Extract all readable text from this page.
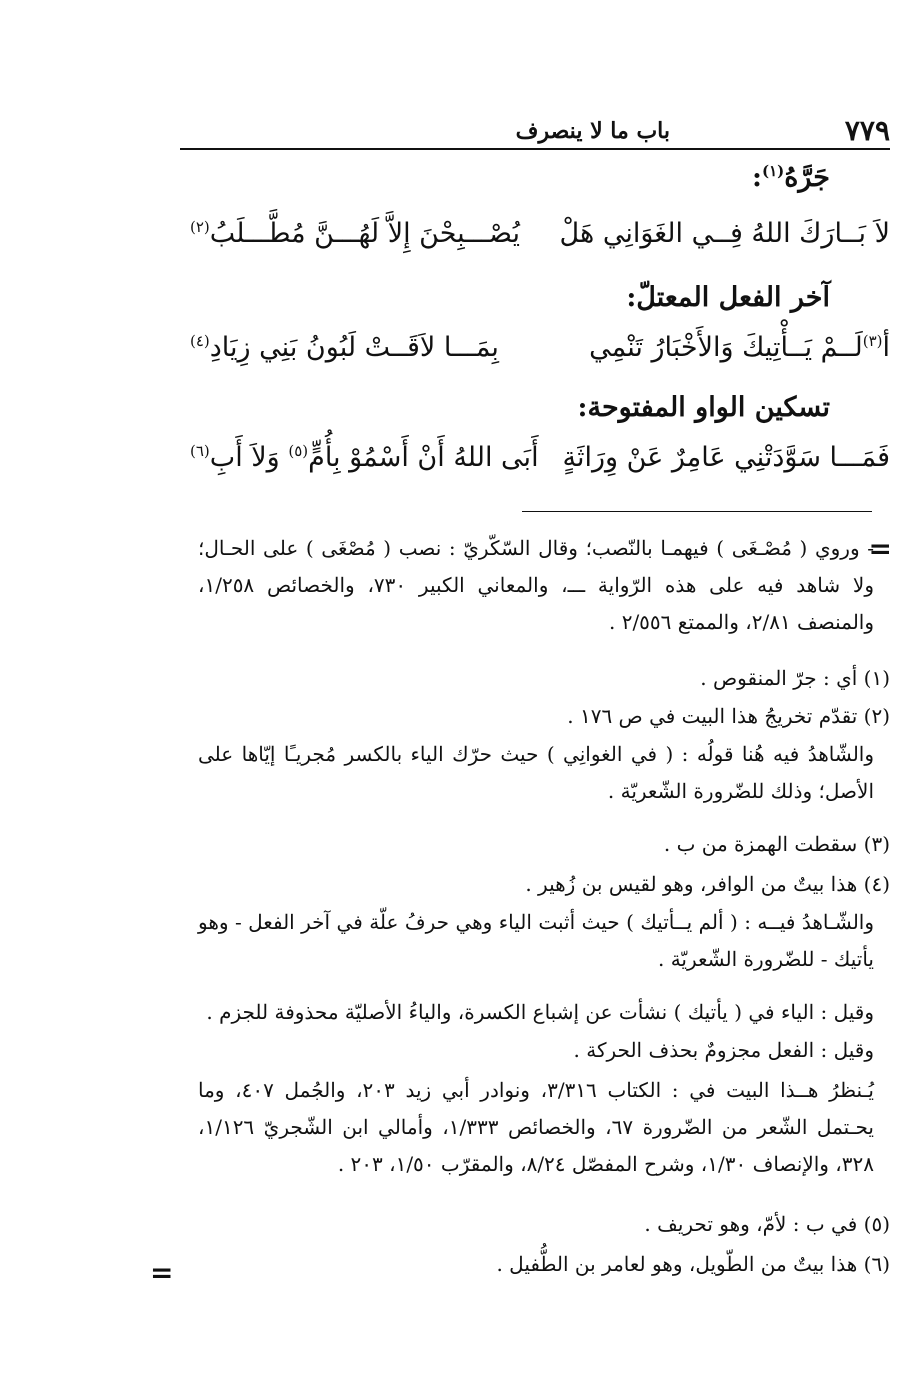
٧٧٩
باب ما لا ينصرف
جَرَّهُ$^{(١)}$:
لاَ بَــارَكَ اللهُ فِــي الغَوَانِي هَلْ
يُصْـــبِحْنَ إِلاَّ لَهُـــنَّ مُطَّـــلَبُ$^{(٢)}$
آخر الفعل المعتلّ:
أ$^{(٣)}$لَــمْ يَــأْتِيكَ وَالأَخْبَارُ تَنْمِي
بِمَـــا لاَقَــتْ لَبُونُ بَنِي زِيَادِ$^{(٤)}$
تسكين الواو المفتوحة:
فَمَـــا سَوَّدَتْنِي عَامِرٌ عَنْ وِرَاثَةٍ
أَبَى اللهُ أَنْ أَسْمُوْ بِأُمٍّ$^{(٥)}$ وَلاَ أَبِ$^{(٦)}$
=
- وروي ( مُصْـغَى ) فيهمـا بالنّصب؛ وقال السّكّريّ : نصب ( مُصْغَى ) على الحـال؛ ولا شاهد فيه على هذه الرّواية ـــ، والمعاني الكبير ٧٣٠، والخصائص ١/٢٥٨، والمنصف ٢/٨١، والممتع ٢/٥٥٦ .
(١) أي : جرّ المنقوص .
(٢) تقدّم تخريجُ هذا البيت في ص ١٧٦ .
والشّاهدُ فيه هُنا قولُه : ( في الغوانِي ) حيث حرّك الياء بالكسر مُجريـًا إيّاها على الأصل؛ وذلك للضّرورة الشّعريّة .
(٣) سقطت الهمزة من ب .
(٤) هذا بيتٌ من الوافر، وهو لقيس بن زُهير .
والشّـاهدُ فيــه : ( ألم يــأتيك ) حيث أثبت الياء وهي حرفُ علّة في آخر الفعل - وهو يأتيك - للضّرورة الشّعريّة .
وقيل : الياء في ( يأتيك ) نشأت عن إشباع الكسرة، والياءُ الأصليّة محذوفة للجزم .
وقيل : الفعل مجزومٌ بحذف الحركة .
يُـنظرُ هــذا البيت في : الكتاب ٣/٣١٦، ونوادر أبي زيد ٢٠٣، والجُمل ٤٠٧، وما يحـتمل الشّعر من الضّرورة ٦٧، والخصائص ١/٣٣٣، وأمالي ابن الشّجريّ ١/١٢٦، ٣٢٨، والإنصاف ١/٣٠، وشرح المفصّل ٨/٢٤، والمقرّب ١/٥٠، ٢٠٣ .
(٥) في ب : لأمّ، وهو تحريف .
(٦) هذا بيتٌ من الطّويل، وهو لعامر بن الطُّفيل .
=
